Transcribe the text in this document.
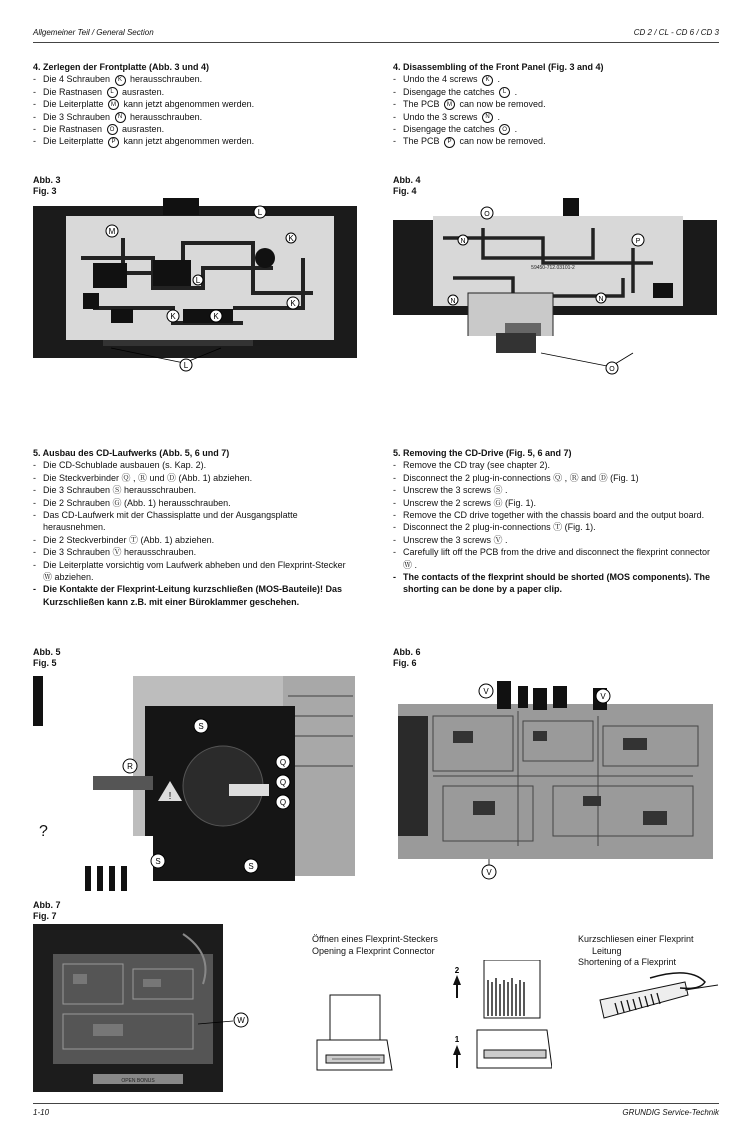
Allgemeiner Teil / General Section	CD 2 / CL - CD 6 / CD 3
4. Zerlegen der Frontplatte (Abb. 3 und 4)
- Die 4 Schrauben K herausschrauben.
- Die Rastnasen L ausrasten.
- Die Leiterplatte M kann jetzt abgenommen werden.
- Die 3 Schrauben N herausschrauben.
- Die Rastnasen O ausrasten.
- Die Leiterplatte P kann jetzt abgenommen werden.
4. Disassembling of the Front Panel (Fig. 3 and 4)
- Undo the 4 screws K .
- Disengage the catches L .
- The PCB M can now be removed.
- Undo the 3 screws N .
- Disengage the catches O .
- The PCB P can now be removed.
Abb. 3
Fig. 3
M
L
L
K	K
K
K
L
Abb. 4
Fig. 4
59450-712.03101-2
O
N
N	N
P
O
5. Ausbau des CD-Laufwerks (Abb. 5, 6 und 7)
- Die CD-Schublade ausbauen (s. Kap. 2).
- Die Steckverbinder Ⓠ , Ⓡ und Ⓓ (Abb. 1) abziehen.
- Die 3 Schrauben Ⓢ herausschrauben.
- Die 2 Schrauben Ⓖ (Abb. 1) herausschrauben.
- Das CD-Laufwerk mit der Chassisplatte und der Ausgangsplatte herausnehmen.
- Die 2 Steckverbinder Ⓣ (Abb. 1) abziehen.
- Die 3 Schrauben Ⓥ herausschrauben.
- Die Leiterplatte vorsichtig vom Laufwerk abheben und den Flexprint-Stecker Ⓦ abziehen.
- Die Kontakte der Flexprint-Leitung kurzschließen (MOS-Bauteile)! Das Kurzschließen kann z.B. mit einer Büroklammer geschehen.
5. Removing the CD-Drive (Fig. 5, 6 and 7)
- Remove the CD tray (see chapter 2).
- Disconnect the 2 plug-in-connections Ⓠ , Ⓡ and Ⓓ (Fig. 1)
- Unscrew the 3 screws Ⓢ .
- Unscrew the 2 screws Ⓖ (Fig. 1).
- Remove the CD drive together with the chassis board and the output board.
- Disconnect the 2 plug-in-connections Ⓣ (Fig. 1).
- Unscrew the 3 screws Ⓥ .
- Carefully lift off the PCB from the drive and disconnect the flexprint connector Ⓦ .
- The contacts of the flexprint should be shorted (MOS components). The shorting can be done by a paper clip.
Abb. 5
Fig. 5
!
?
S
R	Q
Q
Q
S
S
Abb. 6
Fig. 6
V
V
V
Abb. 7
Fig. 7
OPEN BONUS
W
Öffnen eines Flexprint-Steckers
Opening a Flexprint Connector
2
1
Kurzschliesen einer Flexprint
Leitung
Shortening of a Flexprint
1-10	GRUNDIG Service-Technik
